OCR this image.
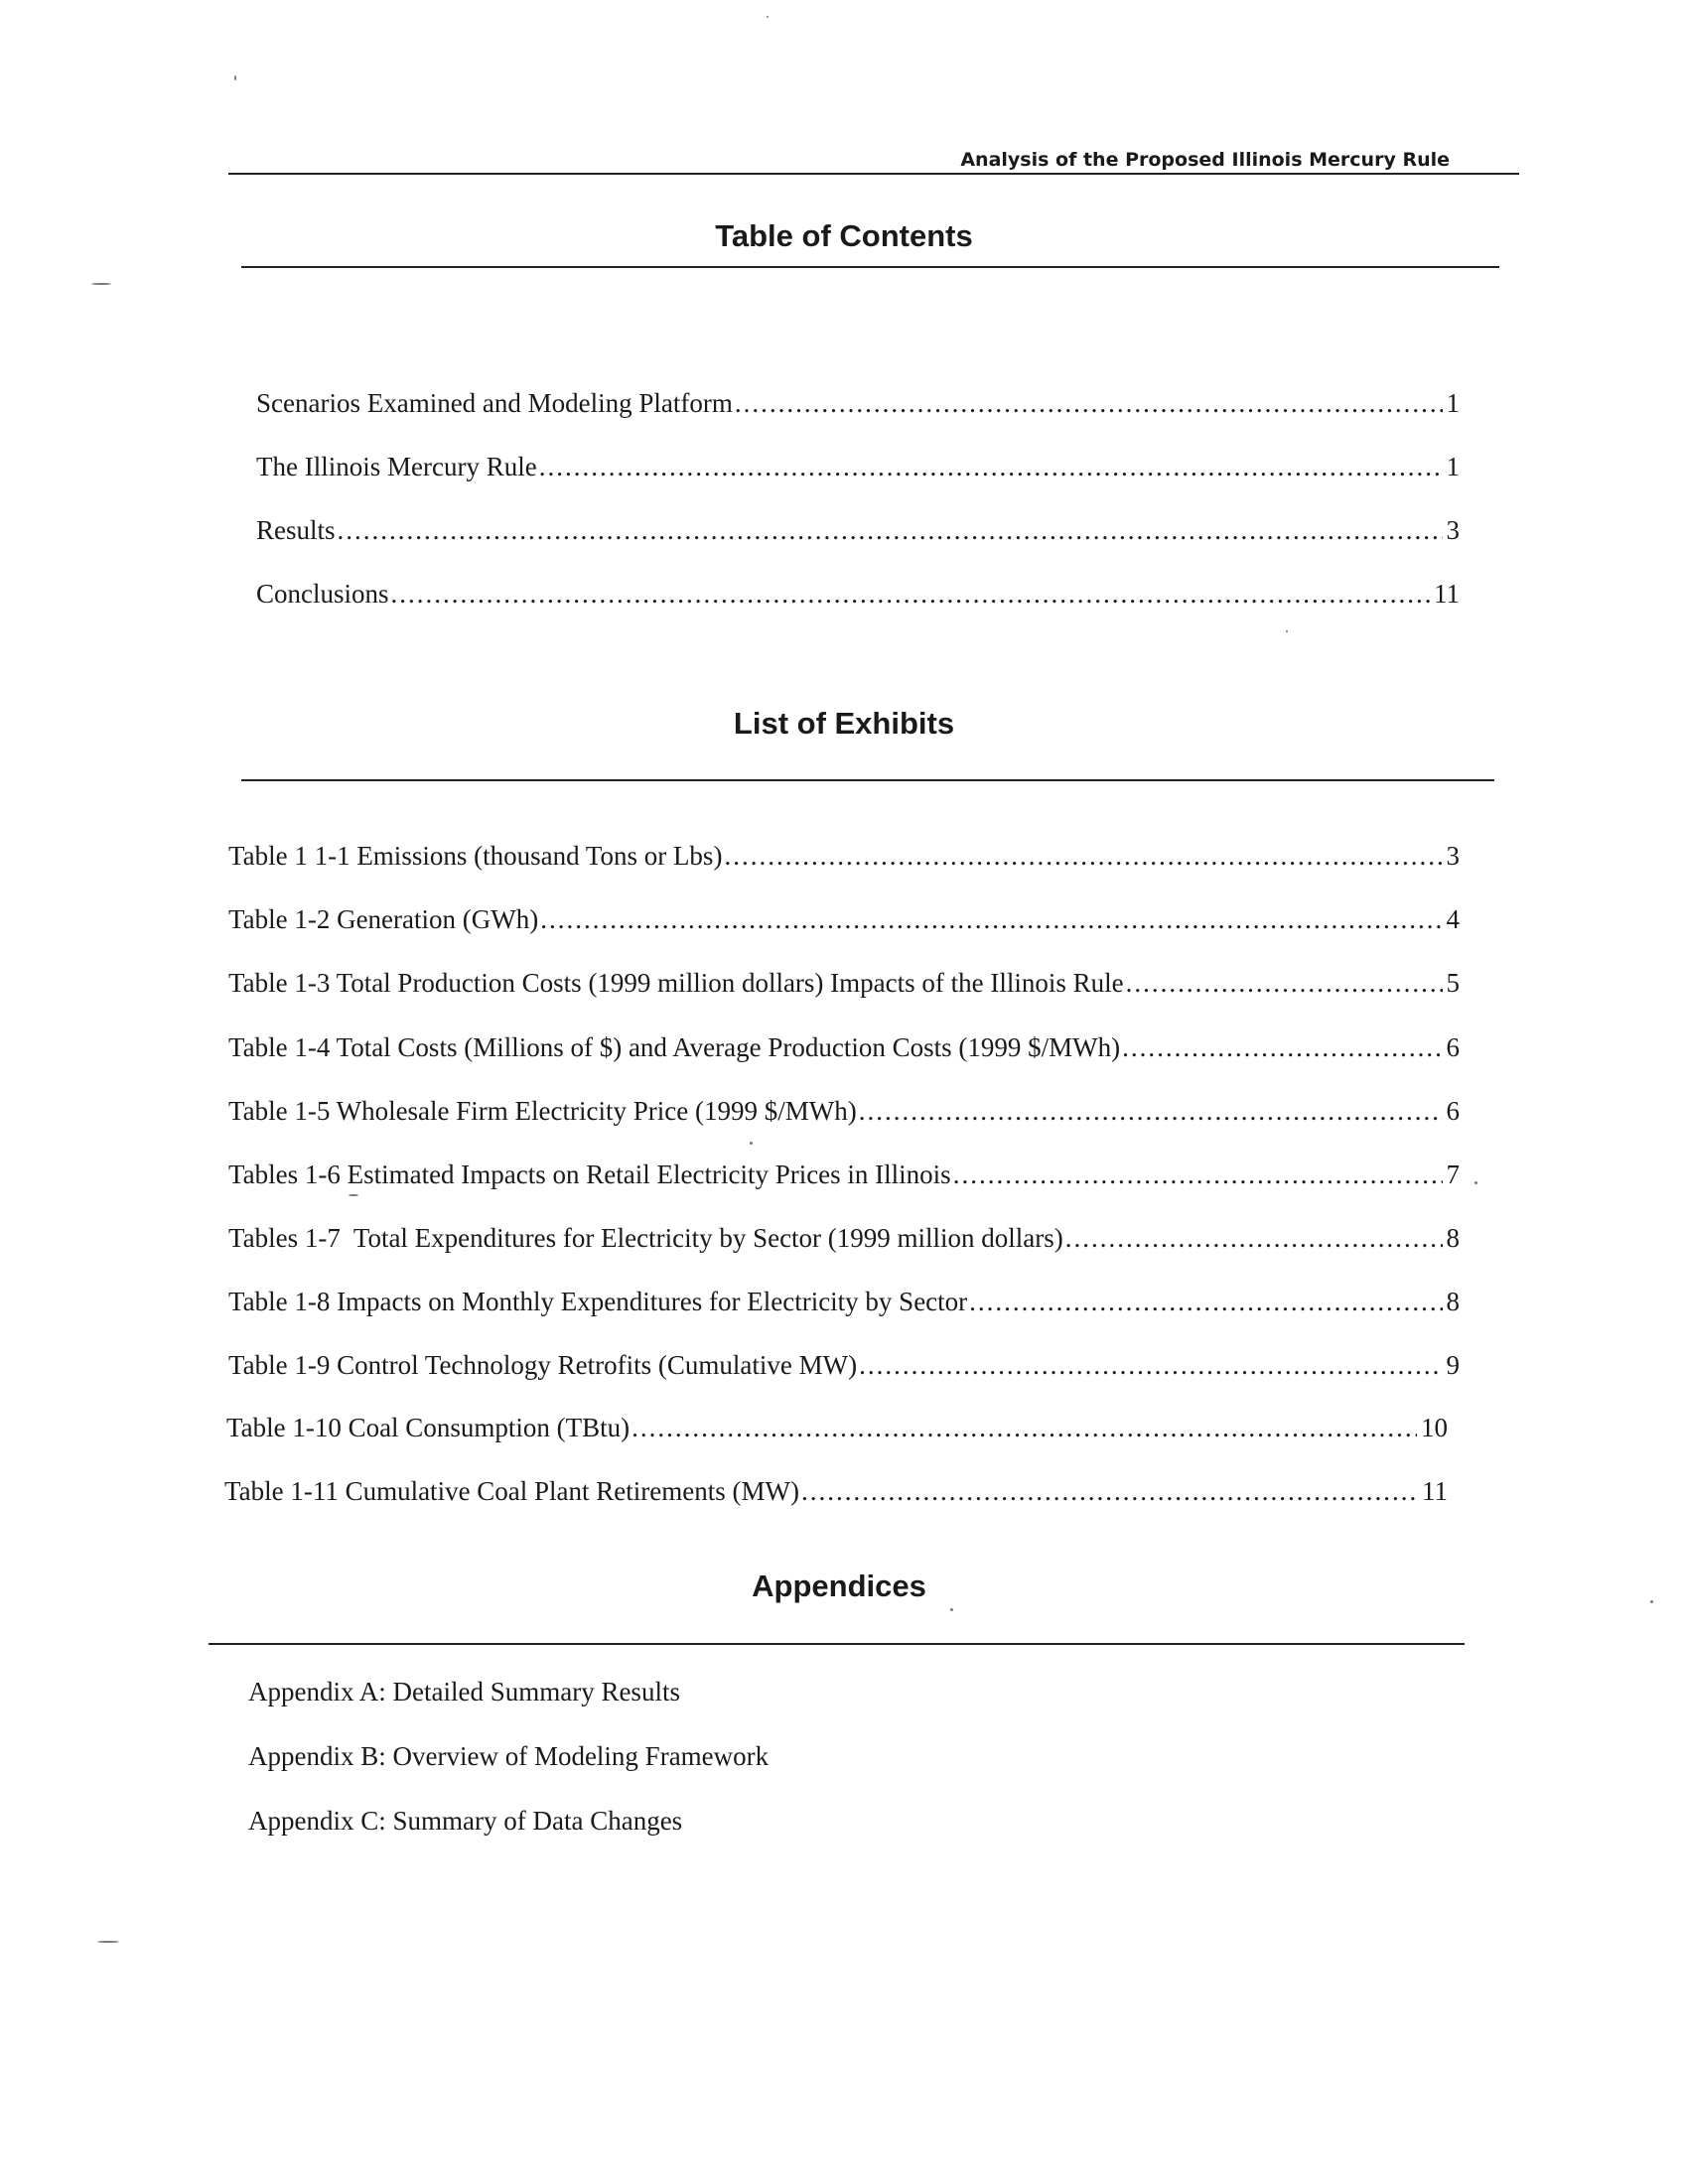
Analysis of the Proposed Illinois Mercury Rule
Table of Contents
Scenarios Examined and Modeling Platform .....	1
The Illinois Mercury Rule .....	1
Results .....	3
Conclusions .....	11
List of Exhibits
Table 1 1-1 Emissions (thousand Tons or Lbs) .....	3
Table 1-2 Generation (GWh) .....	4
Table 1-3 Total Production Costs (1999 million dollars) Impacts of the Illinois Rule .....	5
Table 1-4 Total Costs (Millions of $) and Average Production Costs (1999 $/MWh) .....	6
Table 1-5 Wholesale Firm Electricity Price (1999 $/MWh) .....	6
Tables 1-6 Estimated Impacts on Retail Electricity Prices in Illinois .....	7
Tables 1-7  Total Expenditures for Electricity by Sector (1999 million dollars) .....	8
Table 1-8 Impacts on Monthly Expenditures for Electricity by Sector .....	8
Table 1-9 Control Technology Retrofits (Cumulative MW) .....	9
Table 1-10 Coal Consumption (TBtu) .....	10
Table 1-11 Cumulative Coal Plant Retirements (MW) .....	11
Appendices
Appendix A: Detailed Summary Results
Appendix B: Overview of Modeling Framework
Appendix C: Summary of Data Changes
